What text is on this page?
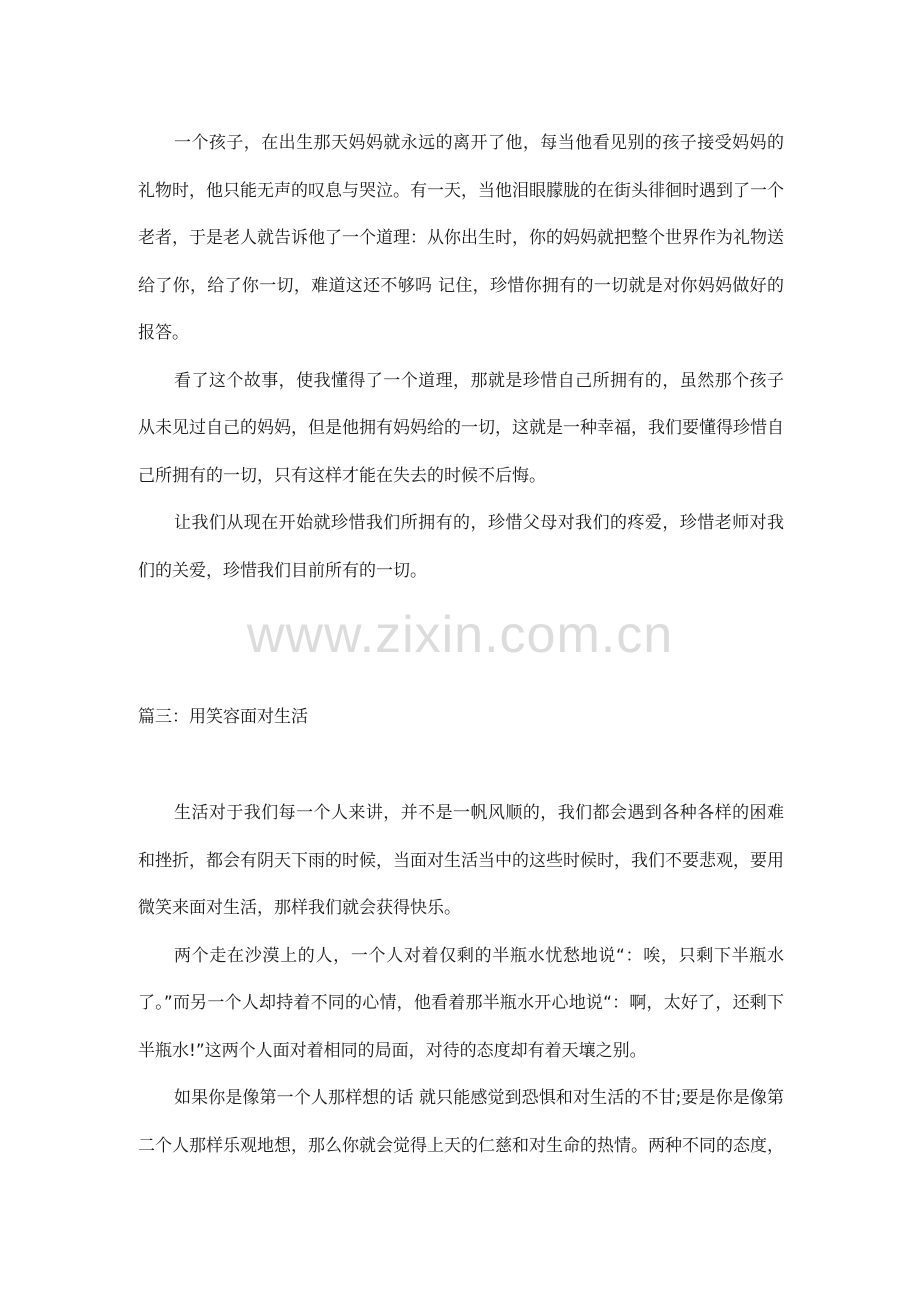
一个孩子，在出生那天妈妈就永远的离开了他，每当他看见别的孩子接受妈妈的礼物时，他只能无声的叹息与哭泣。有一天，当他泪眼朦胧的在街头徘徊时遇到了一个老者，于是老人就告诉他了一个道理：从你出生时，你的妈妈就把整个世界作为礼物送给了你，给了你一切，难道这还不够吗 记住，珍惜你拥有的一切就是对你妈妈做好的报答。

看了这个故事，使我懂得了一个道理，那就是珍惜自己所拥有的，虽然那个孩子从未见过自己的妈妈，但是他拥有妈妈给的一切，这就是一种幸福，我们要懂得珍惜自己所拥有的一切，只有这样才能在失去的时候不后悔。

让我们从现在开始就珍惜我们所拥有的，珍惜父母对我们的疼爱，珍惜老师对我们的关爱，珍惜我们目前所有的一切。

www.zixin.com.cn

篇三：用笑容面对生活

生活对于我们每一个人来讲，并不是一帆风顺的，我们都会遇到各种各样的困难和挫折，都会有阴天下雨的时候，当面对生活当中的这些时候时，我们不要悲观，要用微笑来面对生活，那样我们就会获得快乐。

两个走在沙漠上的人，一个人对着仅剩的半瓶水忧愁地说“：唉，只剩下半瓶水了。”而另一个人却持着不同的心情，他看着那半瓶水开心地说“：啊，太好了，还剩下半瓶水!”这两个人面对着相同的局面，对待的态度却有着天壤之别。

如果你是像第一个人那样想的话 就只能感觉到恐惧和对生活的不甘;要是你是像第二个人那样乐观地想，那么你就会觉得上天的仁慈和对生命的热情。两种不同的态度，
